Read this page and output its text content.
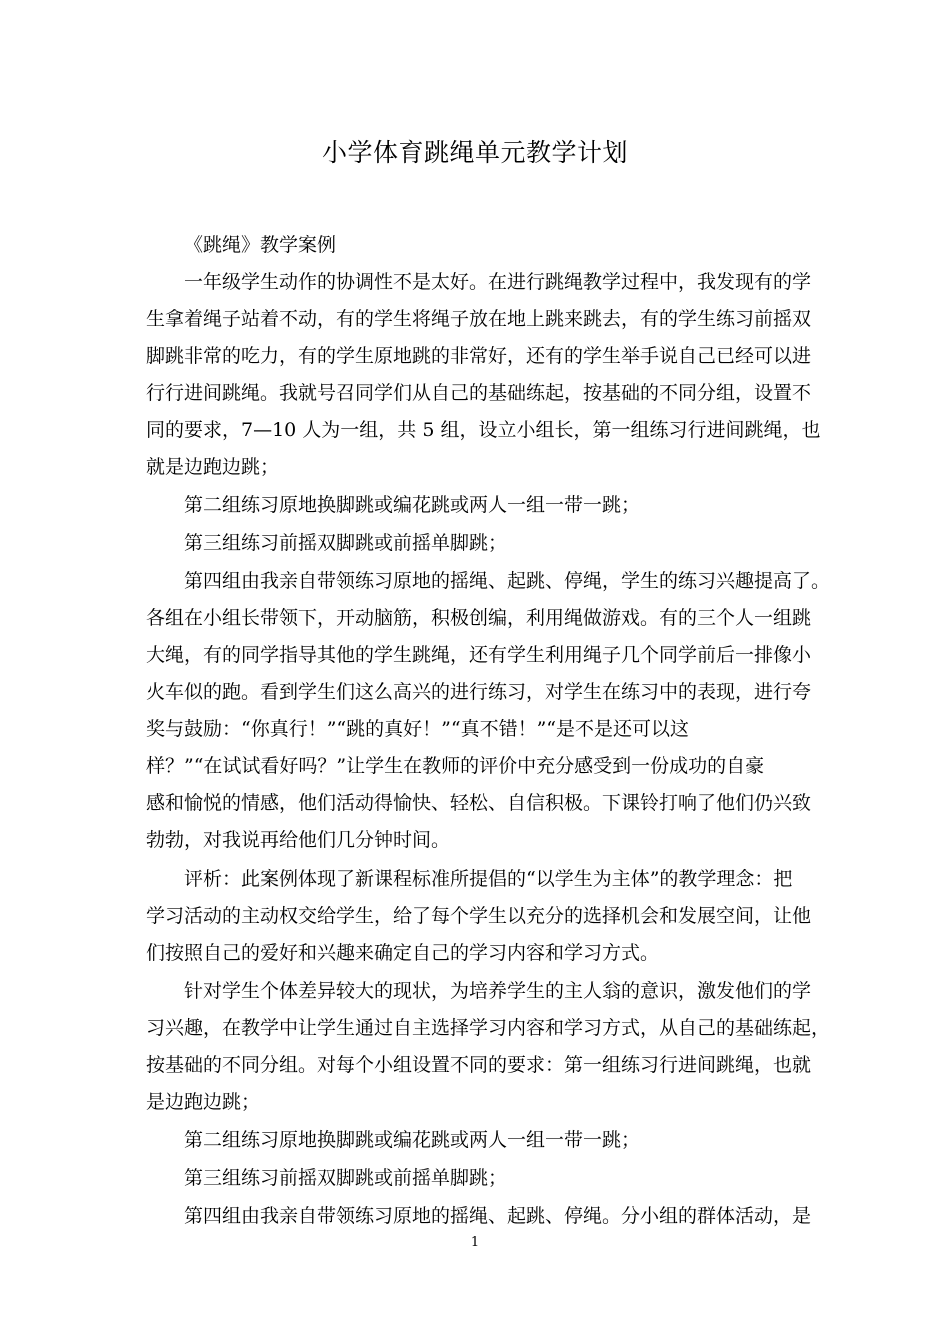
小学体育跳绳单元教学计划
《跳绳》教学案例
一年级学生动作的协调性不是太好。在进行跳绳教学过程中，我发现有的学
生拿着绳子站着不动，有的学生将绳子放在地上跳来跳去，有的学生练习前摇双
脚跳非常的吃力，有的学生原地跳的非常好，还有的学生举手说自己已经可以进
行行进间跳绳。我就号召同学们从自己的基础练起，按基础的不同分组，设置不
同的要求，7—10 人为一组，共 5 组，设立小组长，第一组练习行进间跳绳，也
就是边跑边跳；
第二组练习原地换脚跳或编花跳或两人一组一带一跳；
第三组练习前摇双脚跳或前摇单脚跳；
第四组由我亲自带领练习原地的摇绳、起跳、停绳，学生的练习兴趣提高了。
各组在小组长带领下，开动脑筋，积极创编，利用绳做游戏。有的三个人一组跳
大绳，有的同学指导其他的学生跳绳，还有学生利用绳子几个同学前后一排像小
火车似的跑。看到学生们这么高兴的进行练习，对学生在练习中的表现，进行夸
奖与鼓励：“你真行！”“跳的真好！”“真不错！”“是不是还可以这
样？”“在试试看好吗？”让学生在教师的评价中充分感受到一份成功的自豪
感和愉悦的情感，他们活动得愉快、轻松、自信积极。下课铃打响了他们仍兴致
勃勃，对我说再给他们几分钟时间。
评析：此案例体现了新课程标准所提倡的“以学生为主体”的教学理念：把
学习活动的主动权交给学生，给了每个学生以充分的选择机会和发展空间，让他
们按照自己的爱好和兴趣来确定自己的学习内容和学习方式。
针对学生个体差异较大的现状，为培养学生的主人翁的意识，激发他们的学
习兴趣，在教学中让学生通过自主选择学习内容和学习方式，从自己的基础练起，
按基础的不同分组。对每个小组设置不同的要求：第一组练习行进间跳绳，也就
是边跑边跳；
第二组练习原地换脚跳或编花跳或两人一组一带一跳；
第三组练习前摇双脚跳或前摇单脚跳；
第四组由我亲自带领练习原地的摇绳、起跳、停绳。分小组的群体活动，是
1
